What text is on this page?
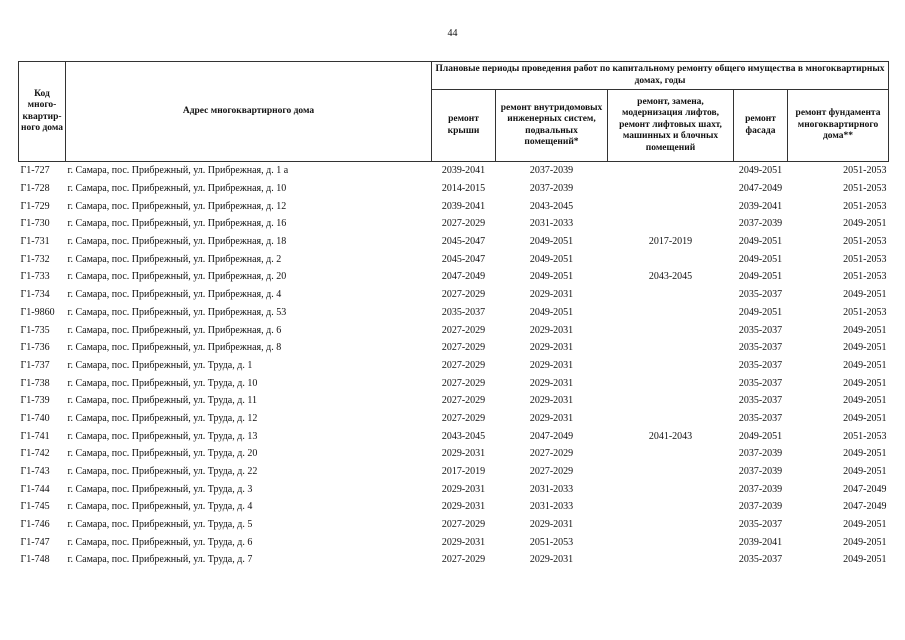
44
Код много-квартир-ного дома	Адрес многоквартирного дома	Плановые периоды проведения работ по капитальному ремонту общего имущества в многоквартирных домах, годы				
		ремонт крыши	ремонт внутридомовых инженерных систем, подвальных помещений*	ремонт, замена, модернизация лифтов, ремонт лифтовых шахт, машинных и блочных помещений	ремонт фасада	ремонт фундамента многоквартирного дома**
Г1-727	г. Самара, пос. Прибрежный, ул. Прибрежная, д. 1 а	2039-2041	2037-2039		2049-2051	2051-2053
Г1-728	г. Самара, пос. Прибрежный, ул. Прибрежная, д. 10	2014-2015	2037-2039		2047-2049	2051-2053
Г1-729	г. Самара, пос. Прибрежный, ул. Прибрежная, д. 12	2039-2041	2043-2045		2039-2041	2051-2053
Г1-730	г. Самара, пос. Прибрежный, ул. Прибрежная, д. 16	2027-2029	2031-2033		2037-2039	2049-2051
Г1-731	г. Самара, пос. Прибрежный, ул. Прибрежная, д. 18	2045-2047	2049-2051	2017-2019	2049-2051	2051-2053
Г1-732	г. Самара, пос. Прибрежный, ул. Прибрежная, д. 2	2045-2047	2049-2051		2049-2051	2051-2053
Г1-733	г. Самара, пос. Прибрежный, ул. Прибрежная, д. 20	2047-2049	2049-2051	2043-2045	2049-2051	2051-2053
Г1-734	г. Самара, пос. Прибрежный, ул. Прибрежная, д. 4	2027-2029	2029-2031		2035-2037	2049-2051
Г1-9860	г. Самара, пос. Прибрежный, ул. Прибрежная, д. 53	2035-2037	2049-2051		2049-2051	2051-2053
Г1-735	г. Самара, пос. Прибрежный, ул. Прибрежная, д. 6	2027-2029	2029-2031		2035-2037	2049-2051
Г1-736	г. Самара, пос. Прибрежный, ул. Прибрежная, д. 8	2027-2029	2029-2031		2035-2037	2049-2051
Г1-737	г. Самара, пос. Прибрежный, ул. Труда, д. 1	2027-2029	2029-2031		2035-2037	2049-2051
Г1-738	г. Самара, пос. Прибрежный, ул. Труда, д. 10	2027-2029	2029-2031		2035-2037	2049-2051
Г1-739	г. Самара, пос. Прибрежный, ул. Труда, д. 11	2027-2029	2029-2031		2035-2037	2049-2051
Г1-740	г. Самара, пос. Прибрежный, ул. Труда, д. 12	2027-2029	2029-2031		2035-2037	2049-2051
Г1-741	г. Самара, пос. Прибрежный, ул. Труда, д. 13	2043-2045	2047-2049	2041-2043	2049-2051	2051-2053
Г1-742	г. Самара, пос. Прибрежный, ул. Труда, д. 20	2029-2031	2027-2029		2037-2039	2049-2051
Г1-743	г. Самара, пос. Прибрежный, ул. Труда, д. 22	2017-2019	2027-2029		2037-2039	2049-2051
Г1-744	г. Самара, пос. Прибрежный, ул. Труда, д. 3	2029-2031	2031-2033		2037-2039	2047-2049
Г1-745	г. Самара, пос. Прибрежный, ул. Труда, д. 4	2029-2031	2031-2033		2037-2039	2047-2049
Г1-746	г. Самара, пос. Прибрежный, ул. Труда, д. 5	2027-2029	2029-2031		2035-2037	2049-2051
Г1-747	г. Самара, пос. Прибрежный, ул. Труда, д. 6	2029-2031	2051-2053		2039-2041	2049-2051
Г1-748	г. Самара, пос. Прибрежный, ул. Труда, д. 7	2027-2029	2029-2031		2035-2037	2049-2051
